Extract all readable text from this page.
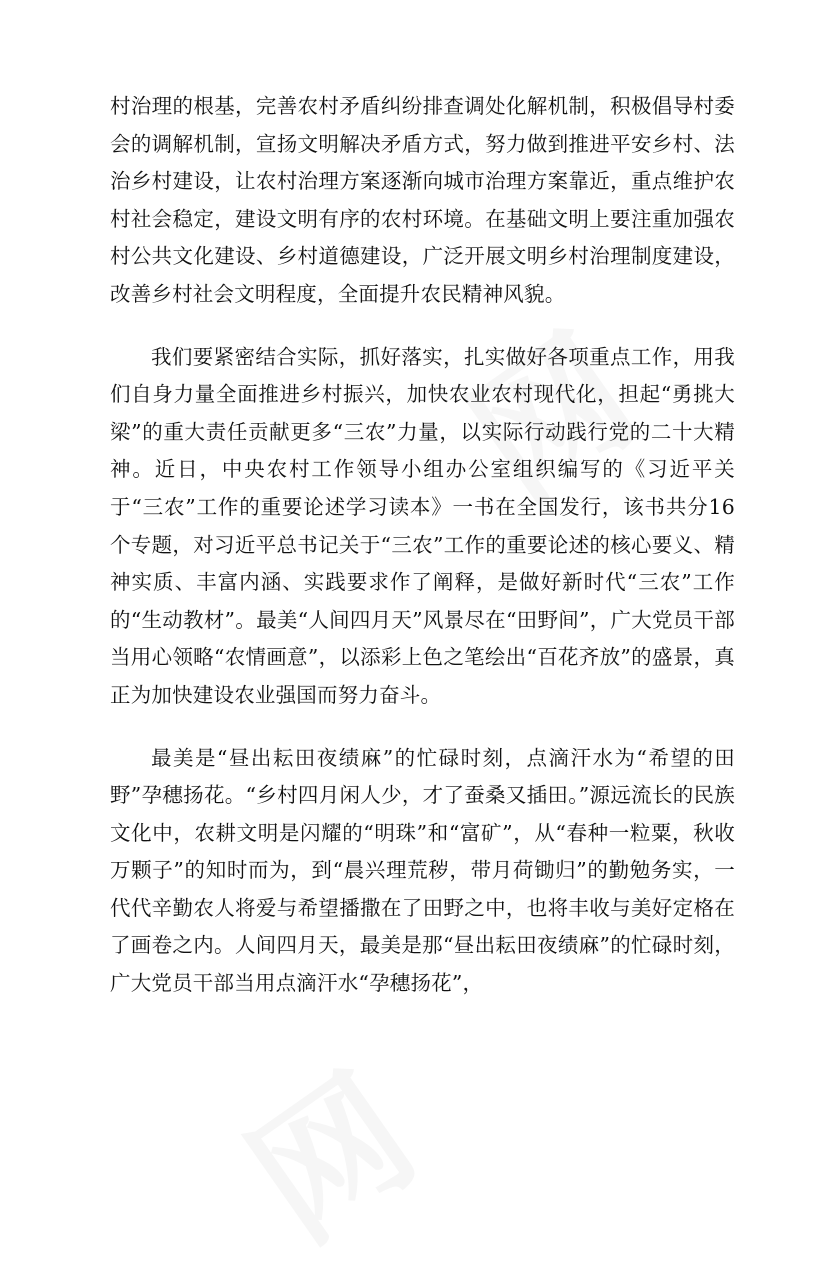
村治理的根基，完善农村矛盾纠纷排查调处化解机制，积极倡导村委会的调解机制，宣扬文明解决矛盾方式，努力做到推进平安乡村、法治乡村建设，让农村治理方案逐渐向城市治理方案靠近，重点维护农村社会稳定，建设文明有序的农村环境。在基础文明上要注重加强农村公共文化建设、乡村道德建设，广泛开展文明乡村治理制度建设，改善乡村社会文明程度，全面提升农民精神风貌。

我们要紧密结合实际，抓好落实，扎实做好各项重点工作，用我们自身力量全面推进乡村振兴，加快农业农村现代化，担起“勇挑大梁”的重大责任贡献更多“三农”力量，以实际行动践行党的二十大精神。近日，中央农村工作领导小组办公室组织编写的《习近平关于“三农”工作的重要论述学习读本》一书在全国发行，该书共分16个专题，对习近平总书记关于“三农”工作的重要论述的核心要义、精神实质、丰富内涵、实践要求作了阐释，是做好新时代“三农”工作的“生动教材”。最美“人间四月天”风景尽在“田野间”，广大党员干部当用心领略“农情画意”，以添彩上色之笔绘出“百花齐放”的盛景，真正为加快建设农业强国而努力奋斗。

最美是“昼出耘田夜绩麻”的忙碌时刻，点滴汗水为“希望的田野”孕穗扬花。“乡村四月闲人少，才了蚕桑又插田。”源远流长的民族文化中，农耕文明是闪耀的“明珠”和“富矿”，从“春种一粒粟，秋收万颗子”的知时而为，到“晨兴理荒秽，带月荷锄归”的勤勉务实，一代代辛勤农人将爱与希望播撒在了田野之中，也将丰收与美好定格在了画卷之内。人间四月天，最美是那“昼出耘田夜绩麻”的忙碌时刻，广大党员干部当用点滴汗水“孕穗扬花”，
